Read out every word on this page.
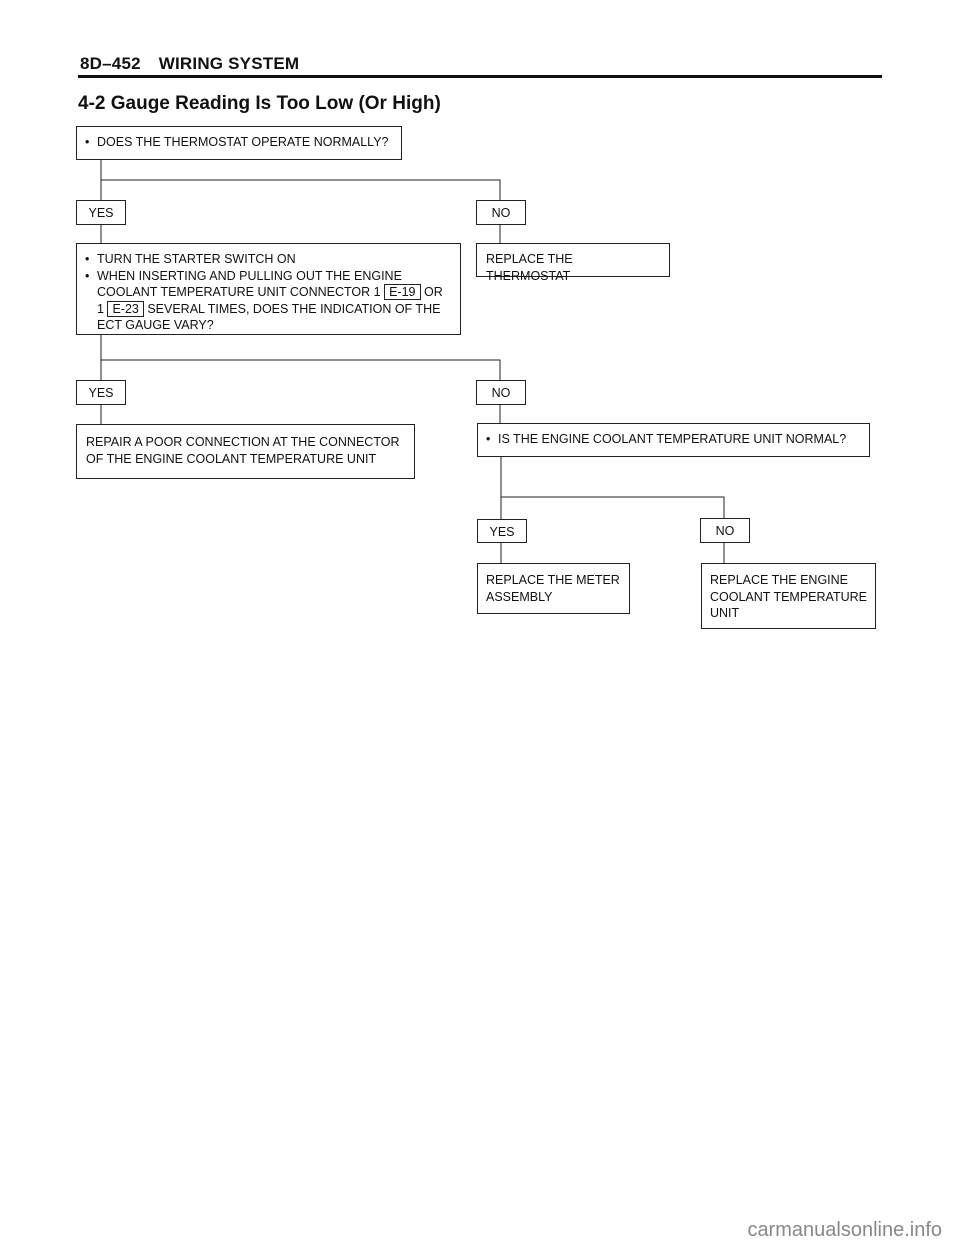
8D–452 WIRING SYSTEM
4-2 Gauge Reading Is Too Low (Or High)
• DOES THE THERMOSTAT OPERATE NORMALLY?
YES	NO
• TURN THE STARTER SWITCH ON
• WHEN INSERTING AND PULLING OUT THE ENGINE COOLANT TEMPERATURE UNIT CONNECTOR 1 E-19 OR 1 E-23 SEVERAL TIMES, DOES THE INDICATION OF THE ECT GAUGE VARY?
REPLACE THE THERMOSTAT
YES	NO
REPAIR A POOR CONNECTION AT THE CONNECTOR OF THE ENGINE COOLANT TEMPERATURE UNIT
• IS THE ENGINE COOLANT TEMPERATURE UNIT NORMAL?
YES	NO
REPLACE THE METER ASSEMBLY
REPLACE THE ENGINE COOLANT TEMPERATURE UNIT
carmanualsonline.info
